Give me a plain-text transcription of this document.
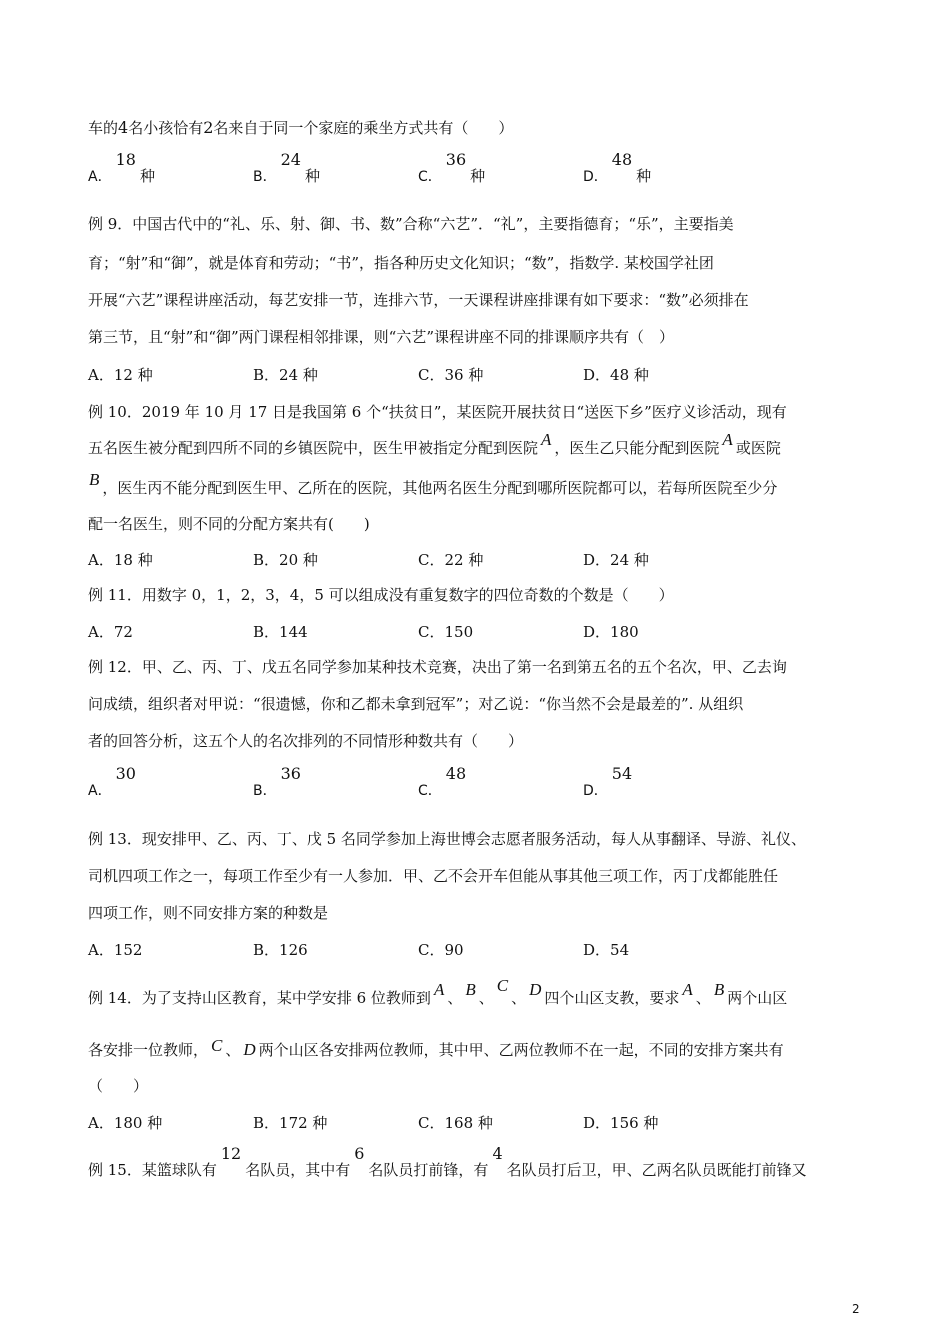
车的4名小孩恰有2名来自于同一个家庭的乘坐方式共有（　　）
A．18种	B．24种	C．36种	D．48种
例 9．中国古代中的“礼、乐、射、御、书、数”合称“六艺”．“礼”，主要指德育；“乐”，主要指美
育；“射”和“御”，就是体育和劳动；“书”，指各种历史文化知识；“数”，指数学. 某校国学社团
开展“六艺”课程讲座活动，每艺安排一节，连排六节，一天课程讲座排课有如下要求：“数”必须排在
第三节，且“射”和“御”两门课程相邻排课，则“六艺”课程讲座不同的排课顺序共有（　）
A．12 种	B．24 种	C．36 种	D．48 种
例 10．2019 年 10 月 17 日是我国第 6 个“扶贫日”，某医院开展扶贫日“送医下乡”医疗义诊活动，现有
五名医生被分配到四所不同的乡镇医院中，医生甲被指定分配到医院 A ，医生乙只能分配到医院 A 或医院
B ，医生丙不能分配到医生甲、乙所在的医院，其他两名医生分配到哪所医院都可以，若每所医院至少分
配一名医生，则不同的分配方案共有(　　)
A．18 种	B．20 种	C．22 种	D．24 种
例 11．用数字 0，1，2，3，4，5 可以组成没有重复数字的四位奇数的个数是（　　）
A．72	B．144	C．150	D．180
例 12．甲、乙、丙、丁、戊五名同学参加某种技术竞赛，决出了第一名到第五名的五个名次，甲、乙去询
问成绩，组织者对甲说：“很遗憾，你和乙都未拿到冠军”；对乙说：“你当然不会是最差的”. 从组织
者的回答分析，这五个人的名次排列的不同情形种数共有（　　）
A．30
B．36
C．48
D．54
例 13．现安排甲、乙、丙、丁、戊 5 名同学参加上海世博会志愿者服务活动，每人从事翻译、导游、礼仪、
司机四项工作之一，每项工作至少有一人参加．甲、乙不会开车但能从事其他三项工作，丙丁戊都能胜任
四项工作，则不同安排方案的种数是
A．152	B．126	C．90	D．54
例 14．为了支持山区教育，某中学安排 6 位教师到 A 、 B 、C、 D 四个山区支教，要求 A 、 B 两个山区
各安排一位教师， C 、 D 两个山区各安排两位教师，其中甲、乙两位教师不在一起，不同的安排方案共有
（　　）
A．180 种	B．172 种	C．168 种	D．156 种
例 15．某篮球队有12名队员，其中有6名队员打前锋，有4名队员打后卫，甲、乙两名队员既能打前锋又
2
